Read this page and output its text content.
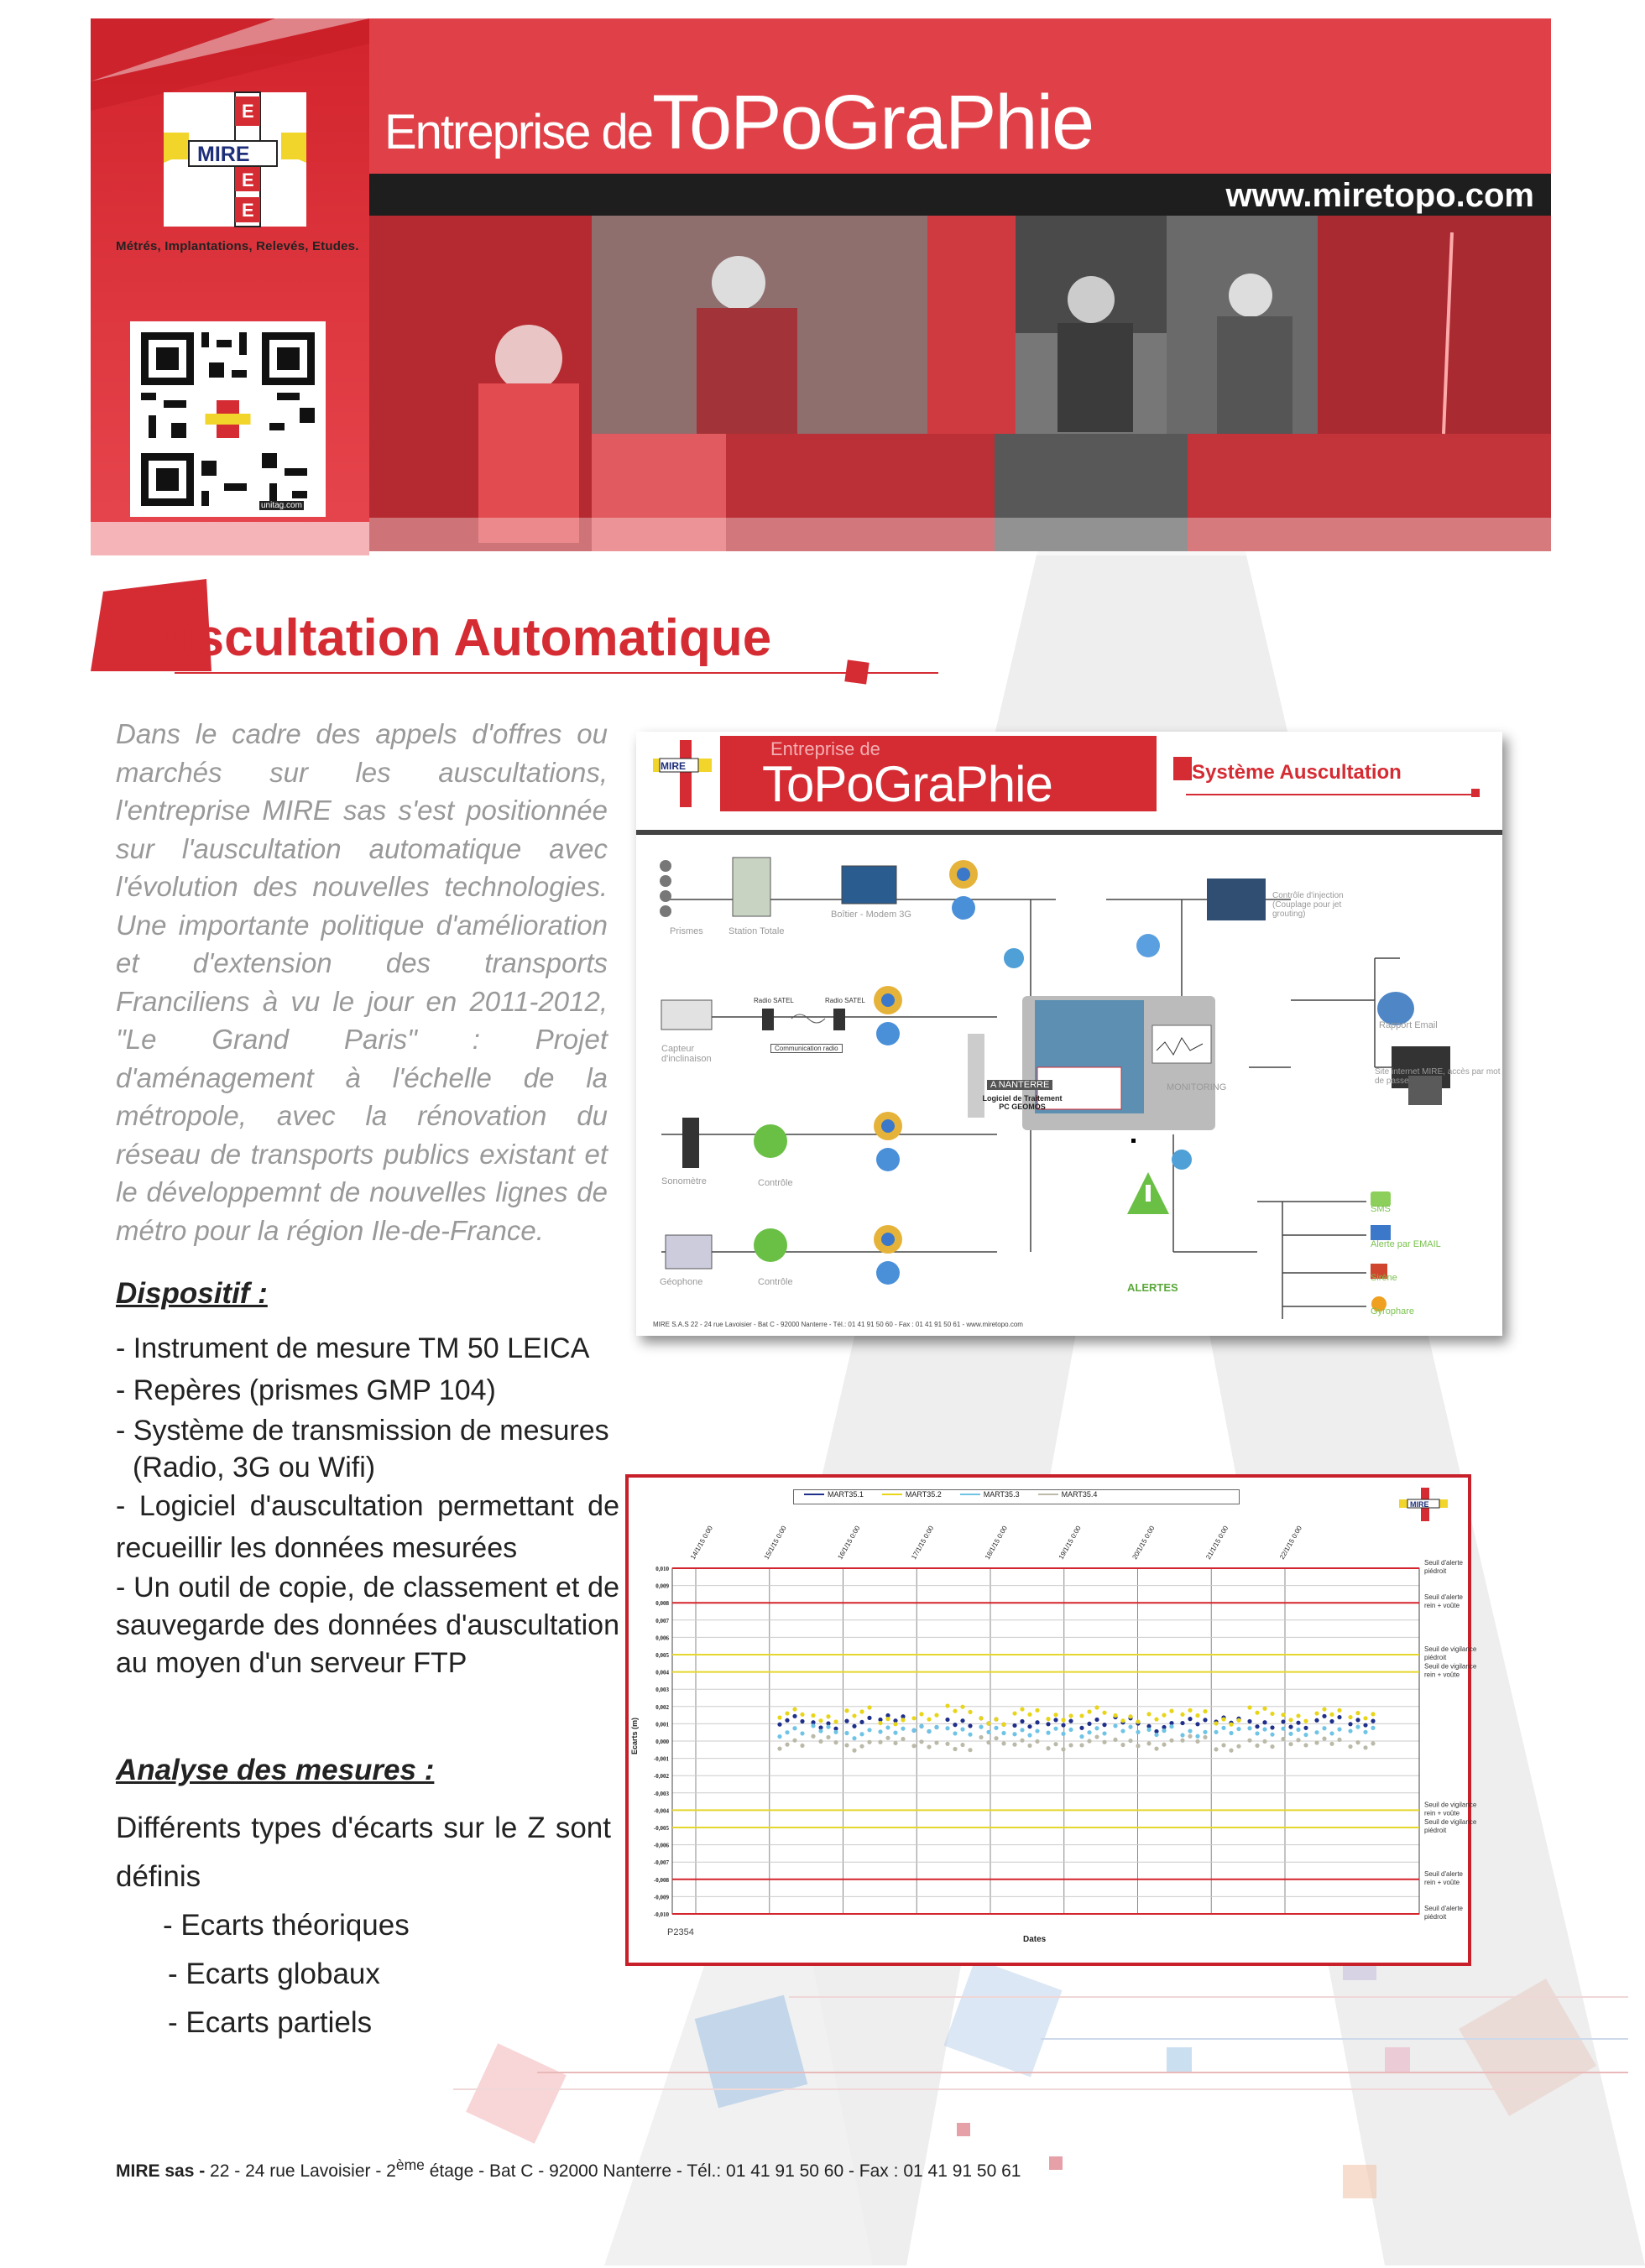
E
E
E
MIRE
Métrés, Implantations, Relevés, Etudes.
unitag.com
Entreprise deToPoGraPhie
www.miretopo.com
Auscultation Automatique
Dans le cadre des appels d'offres ou marchés sur les auscultations, l'entreprise MIRE sas s'est positionnée sur l'auscultation automatique avec l'évolution des nouvelles technologies. Une importante politique d'amélioration et d'extension des transports Franciliens à vu le jour en 2011-2012, "Le Grand Paris" : Projet d'aménagement à l'échelle de la métropole, avec la rénovation du réseau de transports publics existant et le développemnt de nouvelles lignes de métro pour la région Ile-de-France.
Dispositif :
- Instrument de mesure TM 50 LEICA
- Repères (prismes GMP 104)
- Système de transmission de mesures
(Radio, 3G ou Wifi)
- Logiciel d'auscultation permettant de recueillir les données mesurées
- Un outil de copie, de classement et de sauvegarde des données d'auscultation au moyen d'un serveur FTP
Analyse des mesures :
Différents types d'écarts sur le Z sont définis
- Ecarts théoriques
- Ecarts globaux
- Ecarts partiels
MIRE sas - 22 - 24 rue Lavoisier - 2ème étage - Bat C - 92000 Nanterre - Tél.: 01 41 91 50 60 - Fax : 01 41 91 50 61
Entreprise de
ToPoGraPhie
MIRE	Système Auscultation
Prismes	Station Totale
Boîtier - Modem 3G
Capteur d'inclinaison
Radio SATEL	Radio SATEL
Communication radio
Sonomètre	Contrôle
Géophone	Contrôle
A NANTERRE
Logiciel de Traitement PC GEOMOS
Contrôle d'injection (Couplage pour jet grouting)
MONITORING
Rapport Email
Site internet MIRE, accès par mot de passe
ALERTES
SMS
Alerte par EMAIL
Sirène
Gyrophare
MIRE S.A.S 22 - 24 rue Lavoisier - Bat C - 92000 Nanterre - Tél.: 01 41 91 50 60 - Fax : 01 41 91 50 61 - www.miretopo.com
14/1/15 0:00	15/1/15 0:00	16/1/15 0:00	17/1/15 0:00	18/1/15 0:00	19/1/15 0:00	20/1/15 0:00	21/1/15 0:00	22/1/15 0:00
0,010
0,009
0,008
0,007
0,006
0,005
0,004
0,003
0,002
0,001
0,000
-0,001
-0,002
-0,003
-0,004
-0,005
-0,006
-0,007
-0,008
-0,009
-0,010
Seuil d'alerte piédroit
Seuil d'alerte rein + voûte
Seuil de vigilance piédroit
Seuil de vigilance rein + voûte
Seuil de vigilance rein + voûte
Seuil de vigilance piédroit
Seuil d'alerte rein + voûte
Seuil d'alerte piédroit
MIRE
MART35.1	MART35.2	MART35.3	MART35.4
Dates
Ecarts (m)
P2354
